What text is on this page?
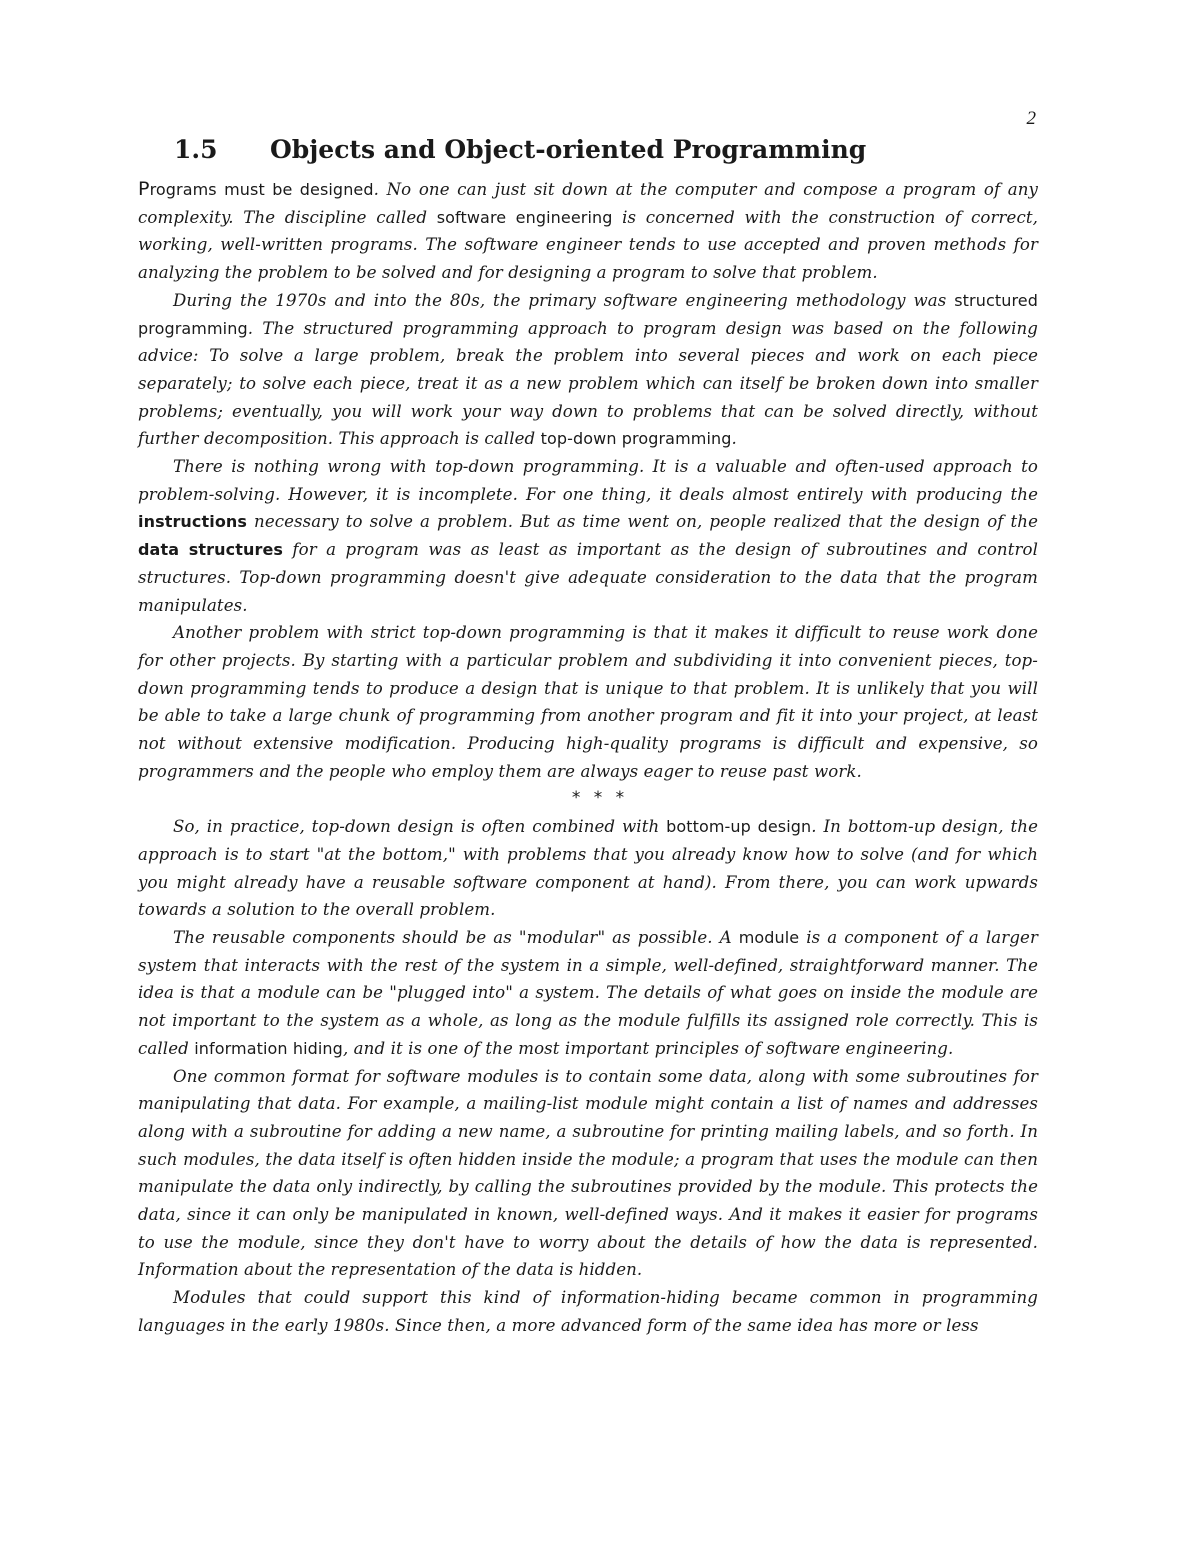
2
1.5 Objects and Object-oriented Programming

Programs must be designed. No one can just sit down at the computer and compose a program of any complexity. The discipline called software engineering is concerned with the construction of correct, working, well-written programs. The software engineer tends to use accepted and proven methods for analyzing the problem to be solved and for designing a program to solve that problem.

During the 1970s and into the 80s, the primary software engineering methodology was structured programming. The structured programming approach to program design was based on the following advice: To solve a large problem, break the problem into several pieces and work on each piece separately; to solve each piece, treat it as a new problem which can itself be broken down into smaller problems; eventually, you will work your way down to problems that can be solved directly, without further decomposition. This approach is called top-down programming.

There is nothing wrong with top-down programming. It is a valuable and often-used approach to problem-solving. However, it is incomplete. For one thing, it deals almost entirely with producing the instructions necessary to solve a problem. But as time went on, people realized that the design of the data structures for a program was as least as important as the design of subroutines and control structures. Top-down programming doesn't give adequate consideration to the data that the program manipulates.

Another problem with strict top-down programming is that it makes it difficult to reuse work done for other projects. By starting with a particular problem and subdividing it into convenient pieces, top-down programming tends to produce a design that is unique to that problem. It is unlikely that you will be able to take a large chunk of programming from another program and fit it into your project, at least not without extensive modification. Producing high-quality programs is difficult and expensive, so programmers and the people who employ them are always eager to reuse past work.

* * *

So, in practice, top-down design is often combined with bottom-up design. In bottom-up design, the approach is to start "at the bottom," with problems that you already know how to solve (and for which you might already have a reusable software component at hand). From there, you can work upwards towards a solution to the overall problem.

The reusable components should be as "modular" as possible. A module is a component of a larger system that interacts with the rest of the system in a simple, well-defined, straightforward manner. The idea is that a module can be "plugged into" a system. The details of what goes on inside the module are not important to the system as a whole, as long as the module fulfills its assigned role correctly. This is called information hiding, and it is one of the most important principles of software engineering.

One common format for software modules is to contain some data, along with some subroutines for manipulating that data. For example, a mailing-list module might contain a list of names and addresses along with a subroutine for adding a new name, a subroutine for printing mailing labels, and so forth. In such modules, the data itself is often hidden inside the module; a program that uses the module can then manipulate the data only indirectly, by calling the subroutines provided by the module. This protects the data, since it can only be manipulated in known, well-defined ways. And it makes it easier for programs to use the module, since they don't have to worry about the details of how the data is represented. Information about the representation of the data is hidden.

Modules that could support this kind of information-hiding became common in programming languages in the early 1980s. Since then, a more advanced form of the same idea has more or less
